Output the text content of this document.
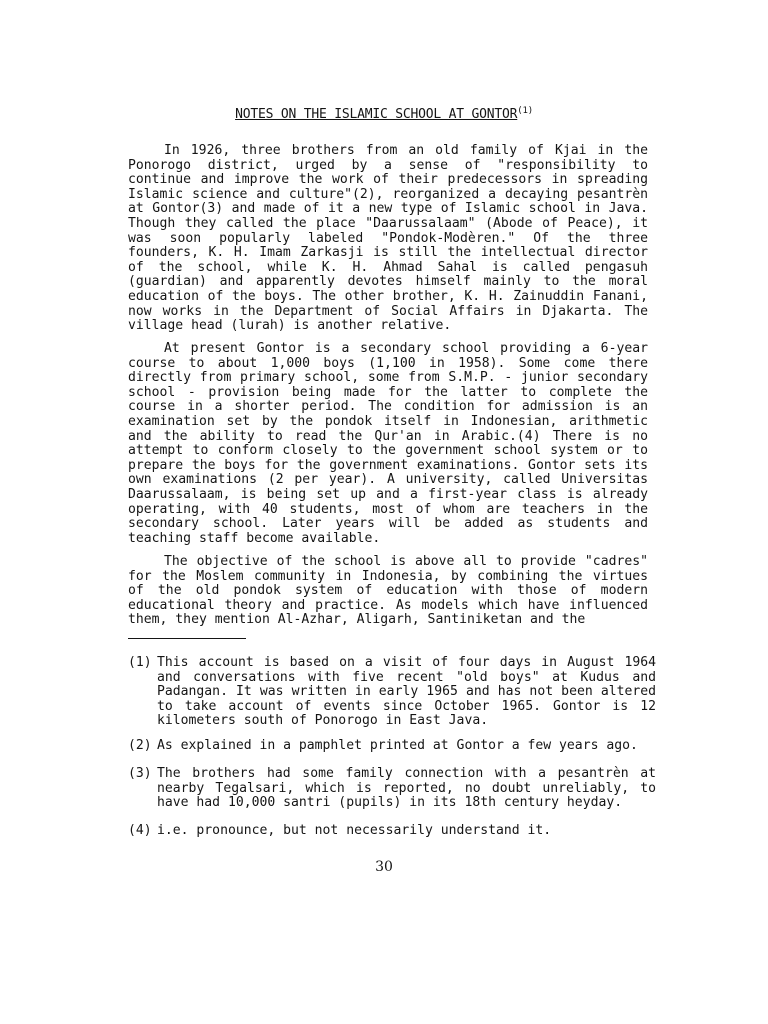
NOTES ON THE ISLAMIC SCHOOL AT GONTOR$^{(1)}$

In 1926, three brothers from an old family of Kjai in the Ponorogo district, urged by a sense of "responsibility to continue and improve the work of their predecessors in spreading Islamic science and culture"(2), reorganized a decaying pesantrèn at Gontor(3) and made of it a new type of Islamic school in Java. Though they called the place "Daarussalaam" (Abode of Peace), it was soon popularly labeled "Pondok-Modèren." Of the three founders, K. H. Imam Zarkasji is still the intellectual director of the school, while K. H. Ahmad Sahal is called pengasuh (guardian) and apparently devotes himself mainly to the moral education of the boys. The other brother, K. H. Zainuddin Fanani, now works in the Department of Social Affairs in Djakarta. The village head (lurah) is another relative.

At present Gontor is a secondary school providing a 6-year course to about 1,000 boys (1,100 in 1958). Some come there directly from primary school, some from S.M.P. - junior secondary school - provision being made for the latter to complete the course in a shorter period. The condition for admission is an examination set by the pondok itself in Indonesian, arithmetic and the ability to read the Qur'an in Arabic.(4) There is no attempt to conform closely to the government school system or to prepare the boys for the government examinations. Gontor sets its own examinations (2 per year). A university, called Universitas Daarussalaam, is being set up and a first-year class is already operating, with 40 students, most of whom are teachers in the secondary school. Later years will be added as students and teaching staff become available.

The objective of the school is above all to provide "cadres" for the Moslem community in Indonesia, by combining the virtues of the old pondok system of education with those of modern educational theory and practice. As models which have influenced them, they mention Al-Azhar, Aligarh, Santiniketan and the

(1) This account is based on a visit of four days in August 1964 and conversations with five recent "old boys" at Kudus and Padangan. It was written in early 1965 and has not been altered to take account of events since October 1965. Gontor is 12 kilometers south of Ponorogo in East Java.
(2) As explained in a pamphlet printed at Gontor a few years ago.
(3) The brothers had some family connection with a pesantrèn at nearby Tegalsari, which is reported, no doubt unreliably, to have had 10,000 santri (pupils) in its 18th century heyday.
(4) i.e. pronounce, but not necessarily understand it.
30
